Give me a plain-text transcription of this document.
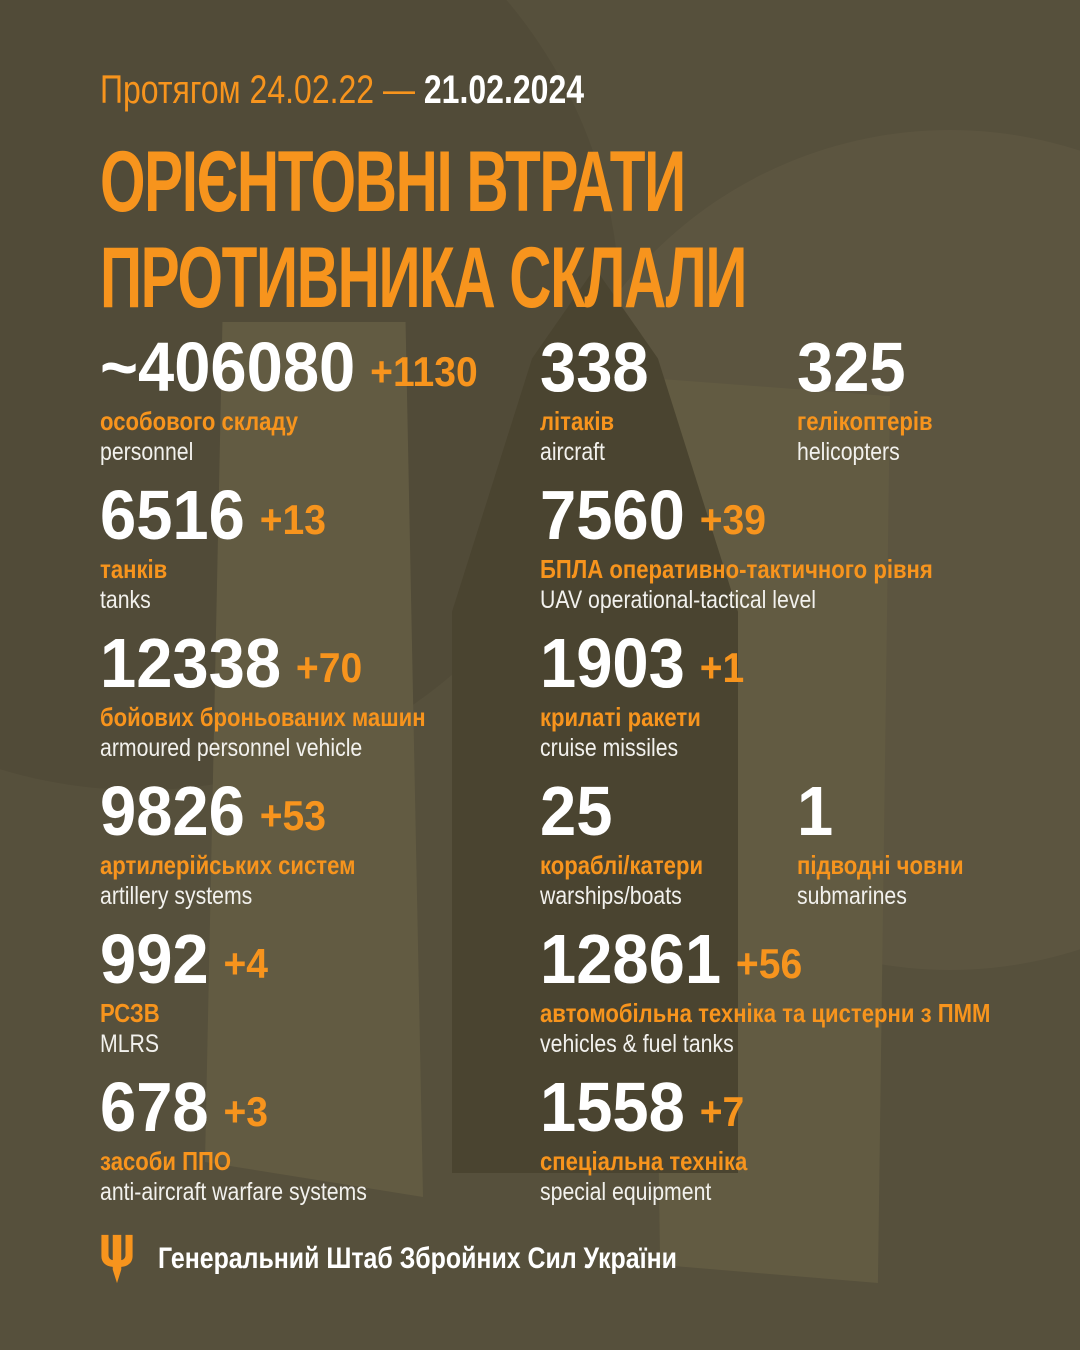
Протягом 24.02.22 — 21.02.2024
ОРІЄНТОВНІ ВТРАТИ
ПРОТИВНИКА СКЛАЛИ
~406080 +1130
особового складу
personnel
338
літаків
aircraft
325
гелікоптерів
helicopters
6516 +13
танків
tanks
7560 +39
БПЛА оперативно-тактичного рівня
UAV operational-tactical level
12338 +70
бойових броньованих машин
armoured personnel vehicle
1903 +1
крилаті ракети
cruise missiles
9826 +53
артилерійських систем
artillery systems
25
кораблі/катери
warships/boats
1
підводні човни
submarines
992 +4
РСЗВ
MLRS
12861 +56
автомобільна техніка та цистерни з ПММ
vehicles & fuel tanks
678 +3
засоби ППО
anti-aircraft warfare systems
1558 +7
спеціальна техніка
special equipment
Генеральний Штаб Збройних Сил України
